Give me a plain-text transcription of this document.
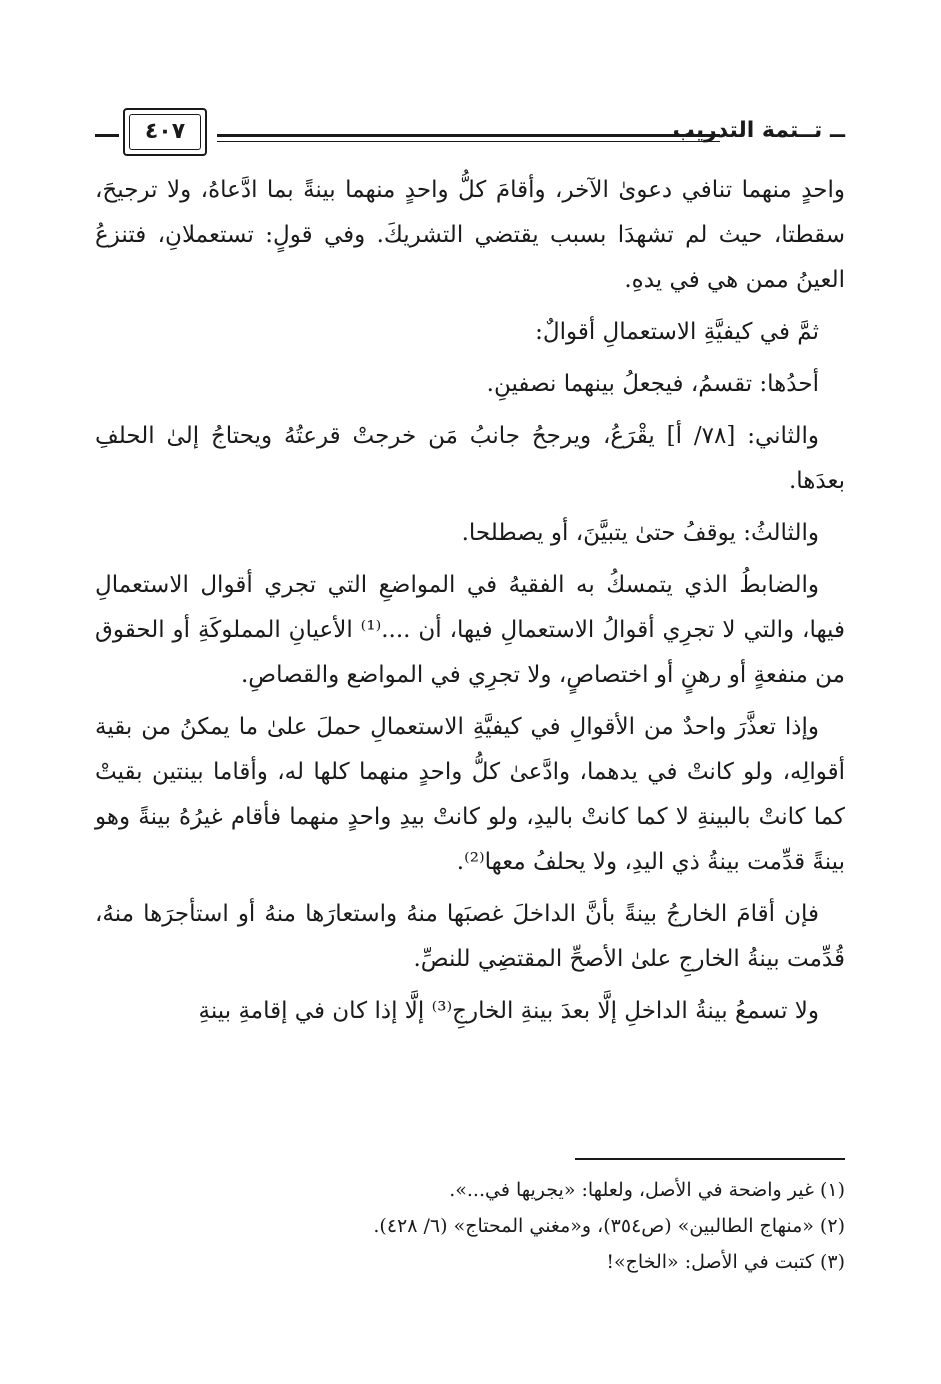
٤٠٧	ــ تــتمة التدريب

واحدٍ منهما تنافي دعوىٰ الآخر، وأقامَ كلُّ واحدٍ منهما بينةً بما ادَّعاهُ، ولا ترجيحَ، سقطتا، حيث لم تشهدَا بسبب يقتضي التشريكَ. وفي قولٍ: تستعملانِ، فتنزعُ العينُ ممن هي في يدهِ.

ثمَّ في كيفيَّةِ الاستعمالِ أقوالٌ:

أحدُها: تقسمُ، فيجعلُ بينهما نصفينِ.

والثاني: [٧٨/ أ] يقْرَعُ، ويرجحُ جانبُ مَن خرجتْ قرعتُهُ ويحتاجُ إلىٰ الحلفِ بعدَها.

والثالثُ: يوقفُ حتىٰ يتبيَّنَ، أو يصطلحا.

والضابطُ الذي يتمسكُ به الفقيهُ في المواضعِ التي تجري أقوال الاستعمالِ فيها، والتي لا تجرِي أقوالُ الاستعمالِ فيها، أن ....⁽¹⁾ الأعيانِ المملوكَةِ أو الحقوق من منفعةٍ أو رهنٍ أو اختصاصٍ، ولا تجرِي في المواضع والقصاصِ.

وإذا تعذَّرَ واحدٌ من الأقوالِ في كيفيَّةِ الاستعمالِ حملَ علىٰ ما يمكنُ من بقية أقوالِه، ولو كانتْ في يدهما، وادَّعىٰ كلُّ واحدٍ منهما كلها له، وأقاما بينتين بقيتْ كما كانتْ بالبينةِ لا كما كانتْ باليدِ، ولو كانتْ بيدِ واحدٍ منهما فأقام غيرُهُ بينةً وهو بينةً قدِّمت بينةُ ذي اليدِ، ولا يحلفُ معها⁽²⁾.

فإن أقامَ الخارجُ بينةً بأنَّ الداخلَ غصبَها منهُ واستعارَها منهُ أو استأجرَها منهُ، قُدِّمت بينةُ الخارجِ علىٰ الأصحِّ المقتضِي للنصِّ.

ولا تسمعُ بينةُ الداخلِ إلَّا بعدَ بينةِ الخارجِ⁽³⁾ إلَّا إذا كان في إقامةِ بينةِ

(١) غير واضحة في الأصل، ولعلها: «يجريها في...».
(٢) «منهاج الطالبين» (ص٣٥٤)، و«مغني المحتاج» (٦/ ٤٢٨).
(٣) كتبت في الأصل: «الخاج»!
